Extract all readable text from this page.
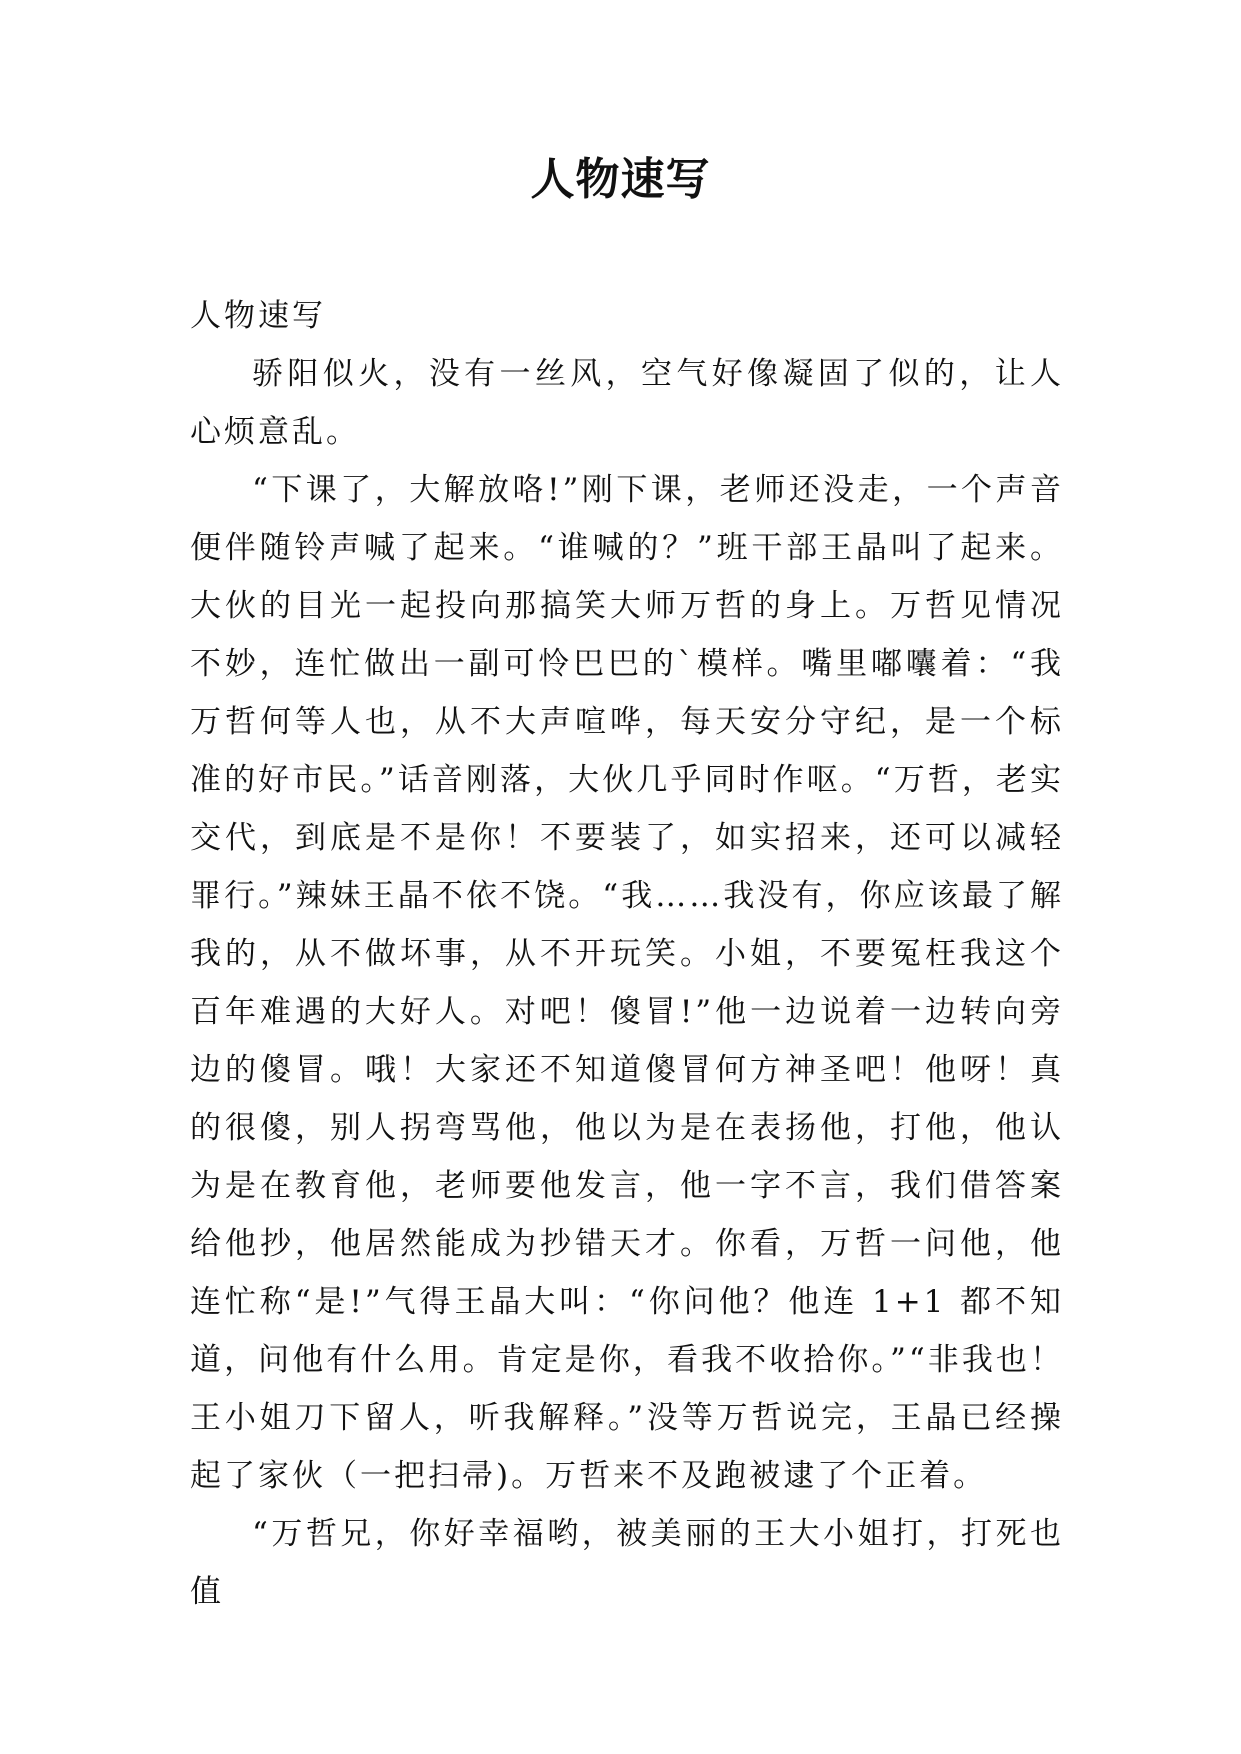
人物速写

人物速写

骄阳似火，没有一丝风，空气好像凝固了似的，让人心烦意乱。

“下课了，大解放咯!”刚下课，老师还没走，一个声音便伴随铃声喊了起来。“谁喊的？”班干部王晶叫了起来。大伙的目光一起投向那搞笑大师万哲的身上。万哲见情况不妙，连忙做出一副可怜巴巴的`模样。嘴里嘟囔着：“我万哲何等人也，从不大声喧哗，每天安分守纪，是一个标准的好市民。”话音刚落，大伙几乎同时作呕。“万哲，老实交代，到底是不是你！不要装了，如实招来，还可以减轻罪行。”辣妹王晶不依不饶。“我……我没有，你应该最了解我的，从不做坏事，从不开玩笑。小姐，不要冤枉我这个百年难遇的大好人。对吧！傻冒!”他一边说着一边转向旁边的傻冒。哦！大家还不知道傻冒何方神圣吧！他呀！真的很傻，别人拐弯骂他，他以为是在表扬他，打他，他认为是在教育他，老师要他发言，他一字不言，我们借答案给他抄，他居然能成为抄错天才。你看，万哲一问他，他连忙称“是!”气得王晶大叫：“你问他？他连 1+1 都不知道，问他有什么用。肯定是你，看我不收拾你。”“非我也！王小姐刀下留人，听我解释。”没等万哲说完，王晶已经操起了家伙（一把扫帚)。万哲来不及跑被逮了个正着。

“万哲兄，你好幸福哟，被美丽的王大小姐打，打死也值
